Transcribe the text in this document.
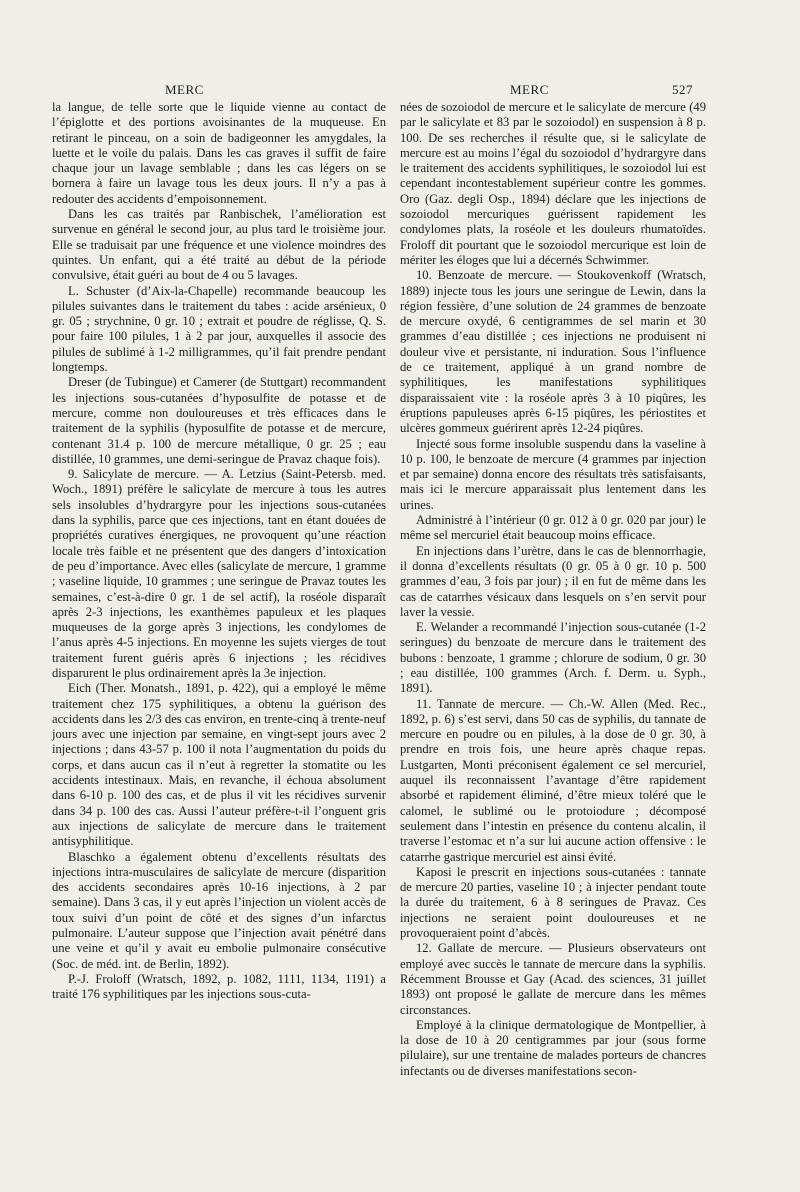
MERC	MERC	527

la langue, de telle sorte que le liquide vienne au contact de l’épiglotte et des portions avoisinantes de la muqueuse. En retirant le pinceau, on a soin de badigeonner les amygdales, la luette et le voile du palais. Dans les cas graves il suffit de faire chaque jour un lavage semblable ; dans les cas légers on se bornera à faire un lavage tous les deux jours. Il n’y a pas à redouter des accidents d’empoisonnement.

Dans les cas traités par Ranbischek, l’amélioration est survenue en général le second jour, au plus tard le troisième jour. Elle se traduisait par une fréquence et une violence moindres des quintes. Un enfant, qui a été traité au début de la période convulsive, était guéri au bout de 4 ou 5 lavages.

L. Schuster (d’Aix-la-Chapelle) recommande beaucoup les pilules suivantes dans le traitement du tabes : acide arsénieux, 0 gr. 05 ; strychnine, 0 gr. 10 ; extrait et poudre de réglisse, Q. S. pour faire 100 pilules, 1 à 2 par jour, auxquelles il associe des pilules de sublimé à 1-2 milligrammes, qu’il fait prendre pendant longtemps.

Dreser (de Tubingue) et Camerer (de Stuttgart) recommandent les injections sous-cutanées d’hyposulfite de potasse et de mercure, comme non douloureuses et très efficaces dans le traitement de la syphilis (hyposulfite de potasse et de mercure, contenant 31.4 p. 100 de mercure métallique, 0 gr. 25 ; eau distillée, 10 grammes, une demi-seringue de Pravaz chaque fois).

9. Salicylate de mercure. — A. Letzius (Saint-Petersb. med. Woch., 1891) préfère le salicylate de mercure à tous les autres sels insolubles d’hydrargyre pour les injections sous-cutanées dans la syphilis, parce que ces injections, tant en étant douées de propriétés curatives énergiques, ne provoquent qu’une réaction locale très faible et ne présentent que des dangers d’intoxication de peu d’importance. Avec elles (salicylate de mercure, 1 gramme ; vaseline liquide, 10 grammes ; une seringue de Pravaz toutes les semaines, c’est-à-dire 0 gr. 1 de sel actif), la roséole disparaît après 2-3 injections, les exanthèmes papuleux et les plaques muqueuses de la gorge après 3 injections, les condylomes de l’anus après 4-5 injections. En moyenne les sujets vierges de tout traitement furent guéris après 6 injections ; les récidives disparurent le plus ordinairement après la 3e injection.

Eich (Ther. Monatsh., 1891, p. 422), qui a employé le même traitement chez 175 syphilitiques, a obtenu la guérison des accidents dans les 2/3 des cas environ, en trente-cinq à trente-neuf jours avec une injection par semaine, en vingt-sept jours avec 2 injections ; dans 43-57 p. 100 il nota l’augmentation du poids du corps, et dans aucun cas il n’eut à regretter la stomatite ou les accidents intestinaux. Mais, en revanche, il échoua absolument dans 6-10 p. 100 des cas, et de plus il vit les récidives survenir dans 34 p. 100 des cas. Aussi l’auteur préfère-t-il l’onguent gris aux injections de salicylate de mercure dans le traitement antisyphilitique.

Blaschko a également obtenu d’excellents résultats des injections intra-musculaires de salicylate de mercure (disparition des accidents secondaires après 10-16 injections, à 2 par semaine). Dans 3 cas, il y eut après l’injection un violent accès de toux suivi d’un point de côté et des signes d’un infarctus pulmonaire. L’auteur suppose que l’injection avait pénétré dans une veine et qu’il y avait eu embolie pulmonaire consécutive (Soc. de méd. int. de Berlin, 1892).

P.-J. Froloff (Wratsch, 1892, p. 1082, 1111, 1134, 1191) a traité 176 syphilitiques par les injections sous-cuta-

nées de sozoiodol de mercure et le salicylate de mercure (49 par le salicylate et 83 par le sozoiodol) en suspension à 8 p. 100. De ses recherches il résulte que, si le salicylate de mercure est au moins l’égal du sozoiodol d’hydrargyre dans le traitement des accidents syphilitiques, le sozoiodol lui est cependant incontestablement supérieur contre les gommes. Oro (Gaz. degli Osp., 1894) déclare que les injections de sozoiodol mercuriques guérissent rapidement les condylomes plats, la roséole et les douleurs rhumatoïdes. Froloff dit pourtant que le sozoiodol mercurique est loin de mériter les éloges que lui a décernés Schwimmer.

10. Benzoate de mercure. — Stoukovenkoff (Wratsch, 1889) injecte tous les jours une seringue de Lewin, dans la région fessière, d’une solution de 24 grammes de benzoate de mercure oxydé, 6 centigrammes de sel marin et 30 grammes d’eau distillée ; ces injections ne produisent ni douleur vive et persistante, ni induration. Sous l’influence de ce traitement, appliqué à un grand nombre de syphilitiques, les manifestations syphilitiques disparaissaient vite : la roséole après 3 à 10 piqûres, les éruptions papuleuses après 6-15 piqûres, les périostites et ulcères gommeux guérirent après 12-24 piqûres.

Injecté sous forme insoluble suspendu dans la vaseline à 10 p. 100, le benzoate de mercure (4 grammes par injection et par semaine) donna encore des résultats très satisfaisants, mais ici le mercure apparaissait plus lentement dans les urines.

Administré à l’intérieur (0 gr. 012 à 0 gr. 020 par jour) le même sel mercuriel était beaucoup moins efficace.

En injections dans l’urètre, dans le cas de blennorrhagie, il donna d’excellents résultats (0 gr. 05 à 0 gr. 10 p. 500 grammes d’eau, 3 fois par jour) ; il en fut de même dans les cas de catarrhes vésicaux dans lesquels on s’en servit pour laver la vessie.

E. Welander a recommandé l’injection sous-cutanée (1-2 seringues) du benzoate de mercure dans le traitement des bubons : benzoate, 1 gramme ; chlorure de sodium, 0 gr. 30 ; eau distillée, 100 grammes (Arch. f. Derm. u. Syph., 1891).

11. Tannate de mercure. — Ch.-W. Allen (Med. Rec., 1892, p. 6) s’est servi, dans 50 cas de syphilis, du tannate de mercure en poudre ou en pilules, à la dose de 0 gr. 30, à prendre en trois fois, une heure après chaque repas. Lustgarten, Monti préconisent également ce sel mercuriel, auquel ils reconnaissent l’avantage d’être rapidement absorbé et rapidement éliminé, d’être mieux toléré que le calomel, le sublimé ou le protoiodure ; décomposé seulement dans l’intestin en présence du contenu alcalin, il traverse l’estomac et n’a sur lui aucune action offensive : le catarrhe gastrique mercuriel est ainsi évité.

Kaposi le prescrit en injections sous-cutanées : tannate de mercure 20 parties, vaseline 10 ; à injecter pendant toute la durée du traitement, 6 à 8 seringues de Pravaz. Ces injections ne seraient point douloureuses et ne provoqueraient point d’abcès.

12. Gallate de mercure. — Plusieurs observateurs ont employé avec succès le tannate de mercure dans la syphilis. Récemment Brousse et Gay (Acad. des sciences, 31 juillet 1893) ont proposé le gallate de mercure dans les mêmes circonstances.

Employé à la clinique dermatologique de Montpellier, à la dose de 10 à 20 centigrammes par jour (sous forme pilulaire), sur une trentaine de malades porteurs de chancres infectants ou de diverses manifestations secon-
